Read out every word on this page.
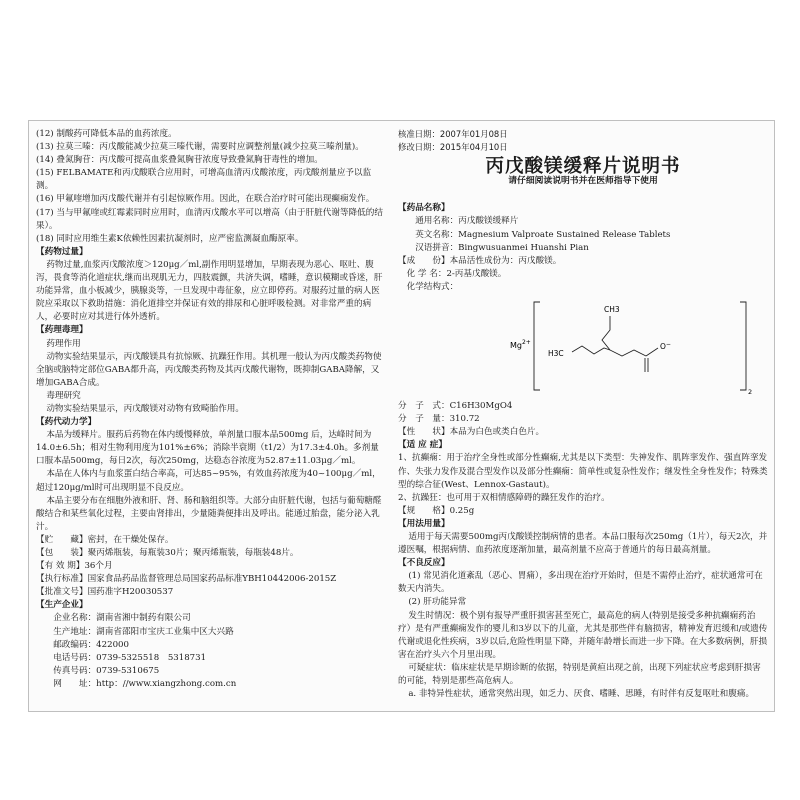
(12) 制酸药可降低本品的血药浓度。

(13) 拉莫三嗪：丙戊酸能减少拉莫三嗪代谢，需要时应调整剂量(减少拉莫三嗪剂量)。

(14) 叠氮胸苷：丙戊酸可提高血浆叠氮胸苷浓度导致叠氮胸苷毒性的增加。

(15) FELBAMATE和丙戊酸联合应用时，可增高血清丙戊酸浓度，丙戊酸剂量应予以监测。

(16) 甲氟喹增加丙戊酸代谢并有引起惊厥作用。因此，在联合治疗时可能出现癫痫发作。

(17) 当与甲氟喹或红霉素同时应用时，血清丙戊酸水平可以增高（由于肝脏代谢等降低的结果）。

(18) 同时应用维生素K依赖性因素抗凝剂时，应严密监测凝血酶原率。

【药物过量】

药物过量,血浆丙戊酸浓度＞120μg／ml,副作用明显增加，早期表现为恶心、呕吐、腹泻，畏食等消化道症状,继而出现肌无力，四肢震颤，共济失调，嗜睡，意识模糊或昏迷，肝功能异常，血小板减少，胰腺炎等，一旦发现中毒征象，应立即停药。对服药过量的病人医院应采取以下救助措施：消化道排空并保证有效的排尿和心脏呼吸检测。对非常严重的病人，必要时应对其进行体外透析。

【药理毒理】

药理作用

动物实验结果显示，丙戊酸镁具有抗惊厥、抗躁狂作用。其机理一般认为丙戊酸类药物使全脑或脑特定部位GABA都升高，丙戊酸类药物及其丙戊酸代谢物，既抑制GABA降解，又增加GABA合成。

毒理研究

动物实验结果显示，丙戊酸镁对动物有致畸胎作用。

【药代动力学】

本品为缓释片。服药后药物在体内缓慢释放，单剂量口服本品500mg 后，达峰时间为14.0±6.5h；相对生物利用度为101%±6%；消除半衰期（t1/2）为17.3±4.0h。多剂量口服本品500mg，每日2次，每次250mg，达稳态谷浓度为52.87±11.03μg／ml。

本品在人体内与血浆蛋白结合率高，可达85~95%，有效血药浓度为40~100μg／ml，超过120μg/ml时可出现明显不良反应。

本品主要分布在细胞外液和肝、肾、肠和脑组织等。大部分由肝脏代谢，包括与葡萄糖醛酸结合和某些氧化过程，主要由肾排出，少量随粪便排出及呼出。能通过胎盘，能分泌入乳汁。

【贮　　藏】 密封，在干燥处保存。
【包　　装】 聚丙烯瓶装，每瓶装30片；聚丙烯瓶装，每瓶装48片。
【有 效 期】 36个月
【执行标准】 国家食品药品监督管理总局国家药品标准YBH10442006-2015Z
【批准文号】 国药准字H20030537

【生产企业】

　　企业名称： 湖南省湘中制药有限公司
　　生产地址： 湖南省邵阳市宝庆工业集中区大兴路
　　邮政编码： 422000
　　电话号码： 0739-5325518　5318731
　　传真号码： 0739-5310675
　　网　　址： http：//www.xiangzhong.com.cn

核准日期：2007年01月08日

修改日期：2015年04月10日

丙戊酸镁缓释片说明书
请仔细阅读说明书并在医师指导下使用

【药品名称】

　　通用名称： 丙戊酸镁缓释片
　　英文名称： Magnesium Valproate Sustained Release Tablets
　　汉语拼音： Bingwusuanmei Huanshi Pian
【成　　份】 本品活性成份为：丙戊酸镁。
　化 学 名： 2-丙基戊酸镁。
　化学结构式：
$Mg^{2+}$
2
CH3
H3C
O−
分　子　式： C16H30MgO4
分　子　量： 310.72
【性　　状】 本品为白色或类白色片。

【适 应 症】

1、抗癫痫：用于治疗全身性或部分性癫痫,尤其是以下类型：失神发作、肌阵挛发作、强直阵挛发作、失张力发作及混合型发作以及部分性癫痫：简单性或复杂性发作；继发性全身性发作；特殊类型的综合征(West、Lennox-Gastaut)。

2、抗躁狂：也可用于双相情感障碍的躁狂发作的治疗。

【规　　格】 0.25g

【用法用量】

适用于每天需要500mg丙戊酸镁控制病情的患者。本品口服每次250mg（1片），每天2次，并遵医嘱，根据病情、血药浓度逐渐加量，最高剂量不应高于普通片的每日最高剂量。

【不良反应】

(1) 常见消化道紊乱（恶心、胃痛），多出现在治疗开始时，但是不需停止治疗，症状通常可在数天内消失。

(2) 肝功能异常

发生时情况：极个别有报导严重肝损害甚至死亡，最高危的病人(特别是接受多种抗癫痫药治疗）是有严重癫痫发作的婴儿和3岁以下的儿童，尤其是那些伴有脑损害，精神发育迟缓和/或遗传代谢或退化性疾病，3岁以后,危险性明显下降，并随年龄增长而进一步下降。在大多数病例，肝损害在治疗头六个月里出现。

可疑症状：临床症状是早期诊断的依据，特别是黄疸出现之前，出现下列症状应考虑到肝损害的可能，特别是那些高危病人。

a. 非特异性症状，通常突然出现，如乏力、厌食、嗜睡、思睡，有时伴有反复呕吐和腹痛。
